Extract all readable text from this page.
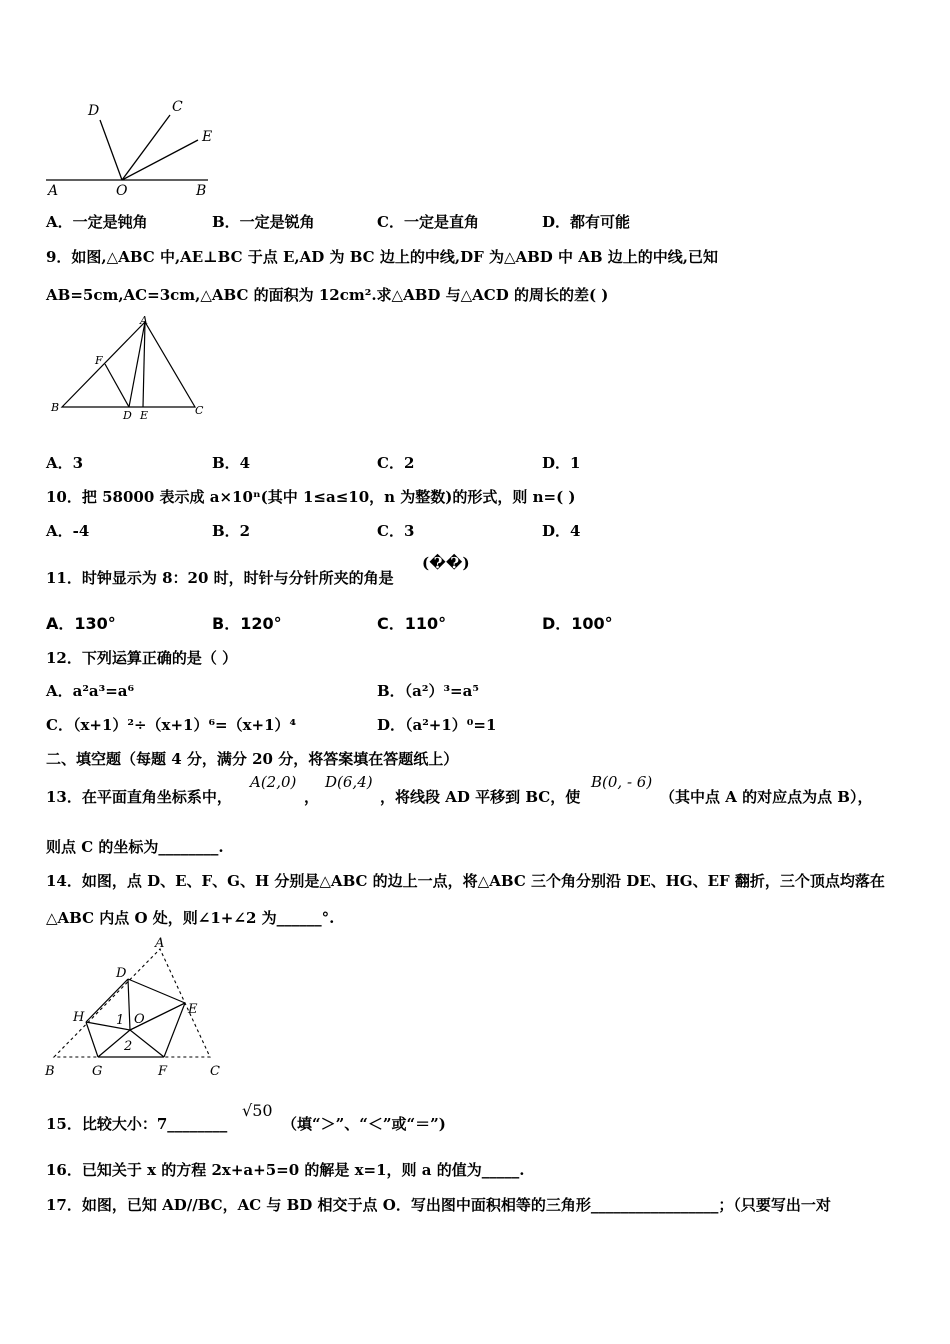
A	O	B
D	C
E
A．一定是钝角	B．一定是锐角	C．一定是直角	D．都有可能
9．如图,△ABC 中,AE⊥BC 于点 E,AD 为 BC 边上的中线,DF 为△ABD 中 AB 边上的中线,已知
AB=5cm,AC=3cm,△ABC 的面积为 12cm².求△ABD 与△ACD 的周长的差( )
A
B	C
D E
F
A．3	B．4	C．2	D．1
10．把 58000 表示成 a×10ⁿ(其中 1≤a≤10，n 为整数)的形式，则 n=( )
A．-4	B．2	C．3	D．4
11．时钟显示为 8：20 时，时针与分针所夹的角是
(��)
A．130°	B．120°	C．110°	D．100°
12．下列运算正确的是（ ）
A．a²a³=a⁶	B．（a²）³=a⁵
C．（x+1）²÷（x+1）⁶=（x+1）⁴	D．（a²+1）⁰=1
二、填空题（每题 4 分，满分 20 分，将答案填在答题纸上）
13．在平面直角坐标系中，
A(2,0)
，
D(6,4)
，将线段 AD 平移到 BC，使
B(0, - 6)
（其中点 A 的对应点为点 B），
则点 C 的坐标为________.
14．如图，点 D、E、F、G、H 分别是△ABC 的边上一点，将△ABC 三个角分别沿 DE、HG、EF 翻折，三个顶点均落在
△ABC 内点 O 处，则∠1+∠2 为______°.
A
D
E
H	O
1
2
B	G	F	C
15．比较大小：7________
√50
（填“＞”、“＜”或“＝”)
16．已知关于 x 的方程 2x+a+5=0 的解是 x=1，则 a 的值为_____.
17．如图，已知 AD//BC，AC 与 BD 相交于点 O．写出图中面积相等的三角形_________________；（只要写出一对
